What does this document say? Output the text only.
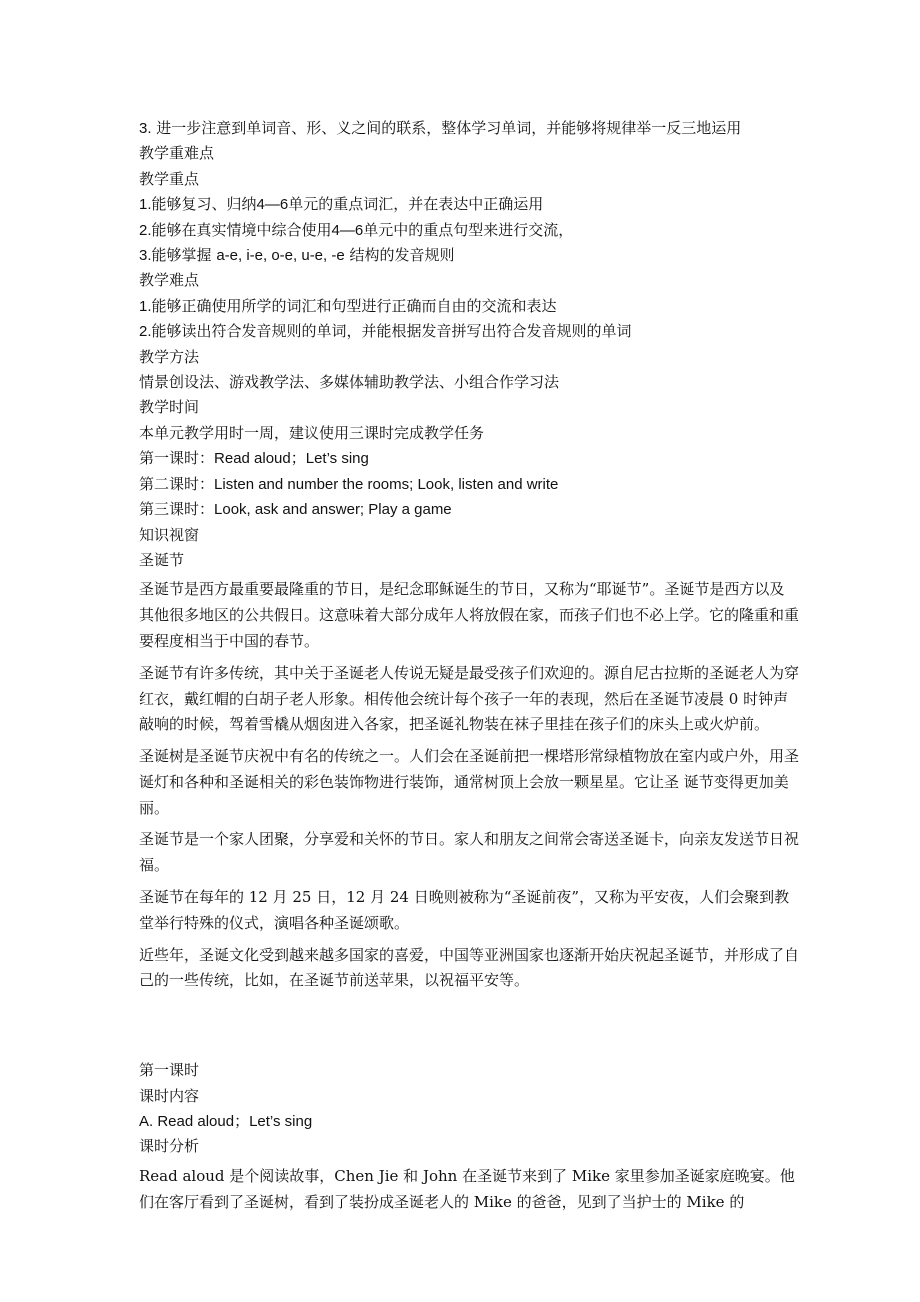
3. 进一步注意到单词音、形、义之间的联系，整体学习单词，并能够将规律举一反三地运用
教学重难点
教学重点
1.能够复习、归纳4—6单元的重点词汇，并在表达中正确运用
2.能够在真实情境中综合使用4—6单元中的重点句型来进行交流，
3.能够掌握 a-e, i-e, o-e, u-e, -e 结构的发音规则
教学难点
1.能够正确使用所学的词汇和句型进行正确而自由的交流和表达
2.能够读出符合发音规则的单词，并能根据发音拼写出符合发音规则的单词
教学方法
情景创设法、游戏教学法、多媒体辅助教学法、小组合作学习法
教学时间
本单元教学用时一周，建议使用三课时完成教学任务
第一课时：Read aloud；Let’s sing
第二课时：Listen and number the rooms; Look, listen and write
第三课时：Look, ask and answer; Play a game
知识视窗
圣诞节

圣诞节是西方最重要最隆重的节日，是纪念耶稣诞生的节日，又称为“耶诞节”。圣诞节是西方以及其他很多地区的公共假日。这意味着大部分成年人将放假在家，而孩子们也不必上学。它的隆重和重要程度相当于中国的春节。

圣诞节有许多传统，其中关于圣诞老人传说无疑是最受孩子们欢迎的。源自尼古拉斯的圣诞老人为穿红衣，戴红帽的白胡子老人形象。相传他会统计每个孩子一年的表现，然后在圣诞节凌晨 0 时钟声敲响的时候，驾着雪橇从烟囱进入各家，把圣诞礼物装在袜子里挂在孩子们的床头上或火炉前。

圣诞树是圣诞节庆祝中有名的传统之一。人们会在圣诞前把一棵塔形常绿植物放在室内或户外，用圣诞灯和各种和圣诞相关的彩色装饰物进行装饰，通常树顶上会放一颗星星。它让圣 诞节变得更加美丽。

圣诞节是一个家人团聚，分享爱和关怀的节日。家人和朋友之间常会寄送圣诞卡，向亲友发送节日祝福。

圣诞节在每年的 12 月 25 日，12 月 24 日晚则被称为“圣诞前夜”，又称为平安夜，人们会聚到教堂举行特殊的仪式，演唱各种圣诞颂歌。

近些年，圣诞文化受到越来越多国家的喜爱，中国等亚洲国家也逐渐开始庆祝起圣诞节，并形成了自己的一些传统，比如，在圣诞节前送苹果，以祝福平安等。

第一课时
课时内容
A. Read aloud；Let’s sing
课时分析

Read aloud 是个阅读故事，Chen Jie 和 John 在圣诞节来到了 Mike 家里参加圣诞家庭晚宴。他们在客厅看到了圣诞树，看到了装扮成圣诞老人的 Mike 的爸爸，见到了当护士的 Mike 的
